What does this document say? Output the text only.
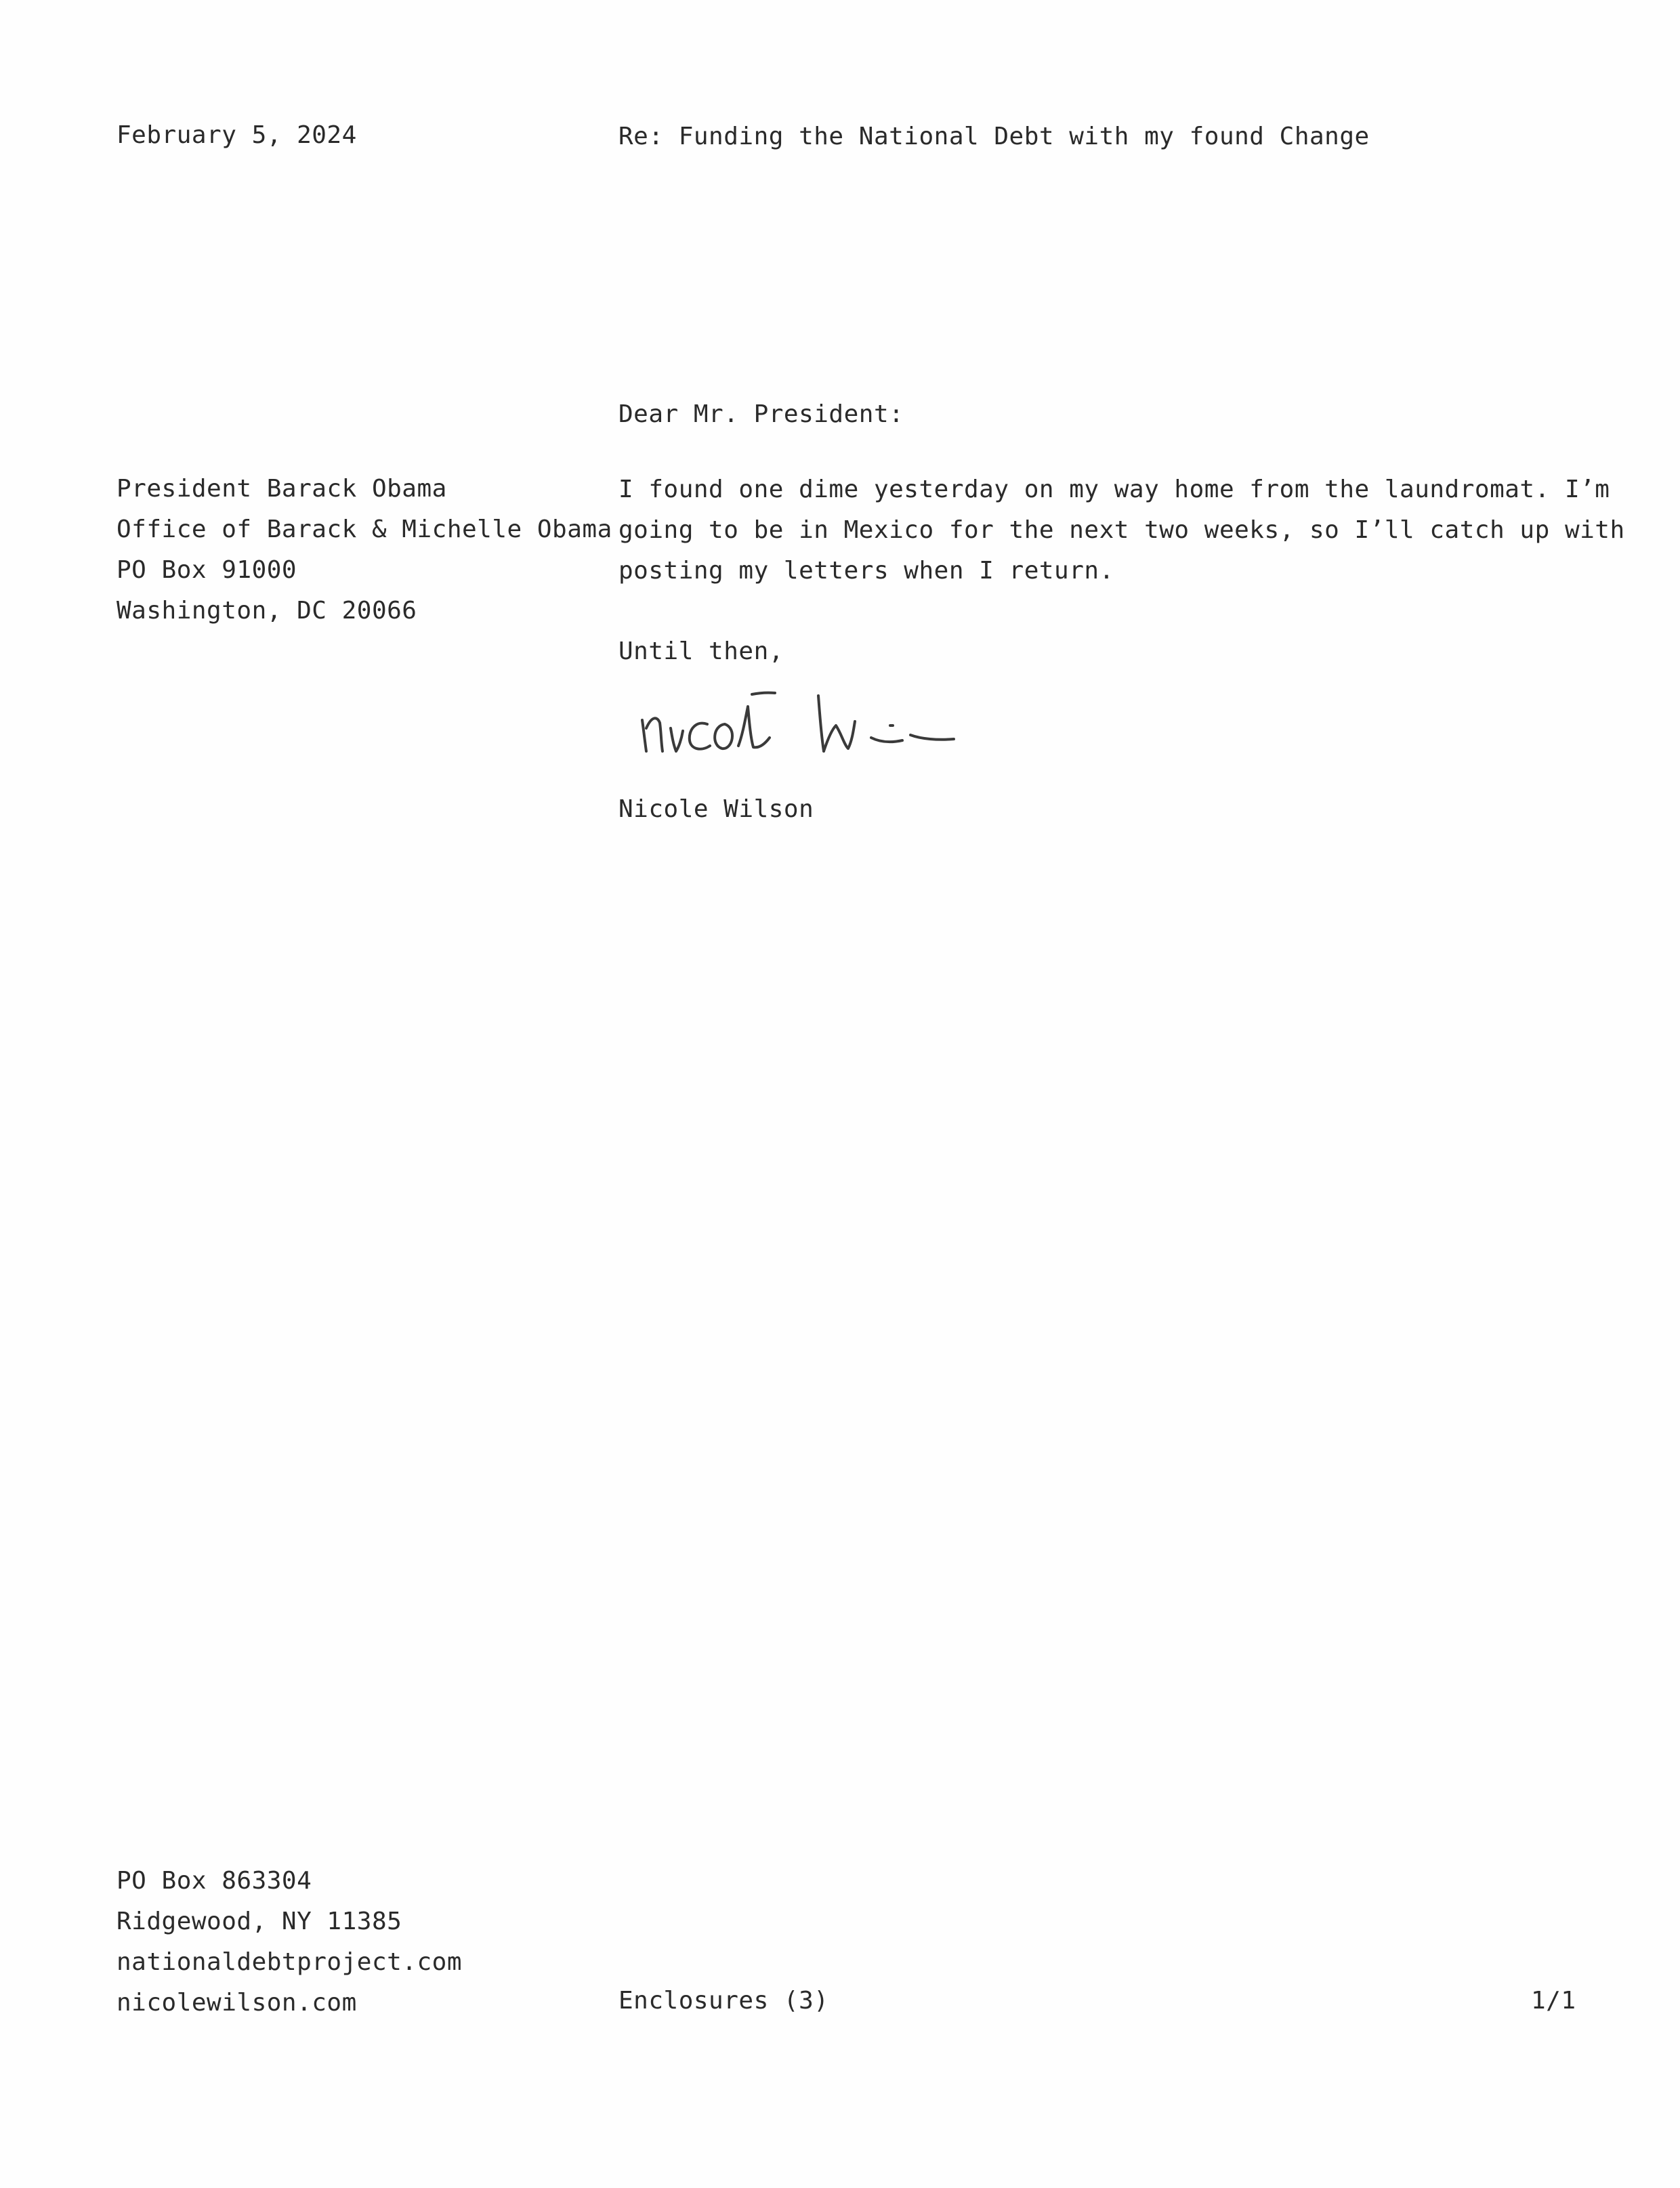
February 5, 2024	Re: Funding the National Debt with my found Change
Dear Mr. President:
President Barack Obama
Office of Barack & Michelle Obama
PO Box 91000
Washington, DC 20066
I found one dime yesterday on my way home from the laundromat. I’m
going to be in Mexico for the next two weeks, so I’ll catch up with
posting my letters when I return.
Until then,
Nicole Wilson
PO Box 863304
Ridgewood, NY 11385
nationaldebtproject.com
nicolewilson.com	Enclosures (3)	1/1
